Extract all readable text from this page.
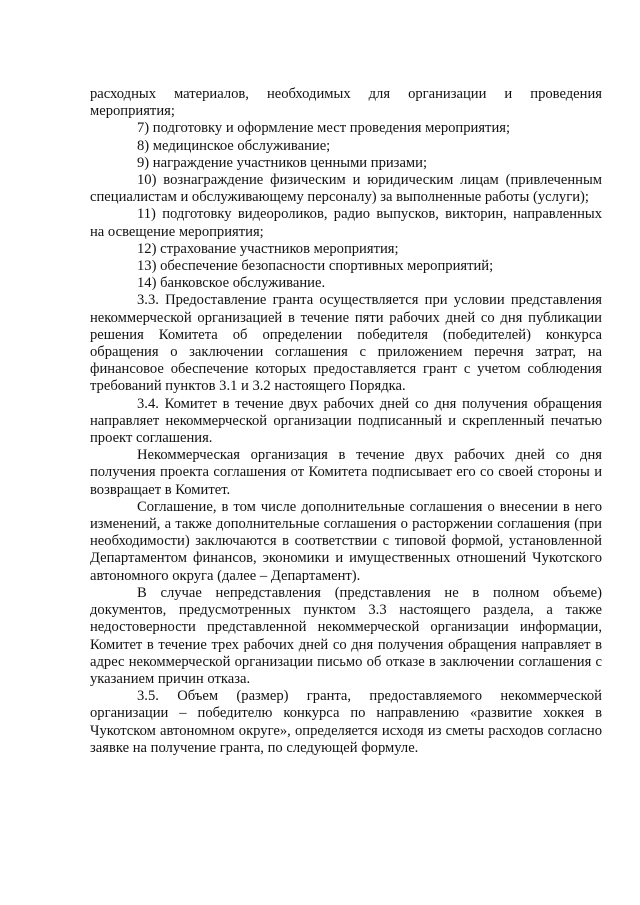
расходных материалов, необходимых для организации и проведения мероприятия;

7) подготовку и оформление мест проведения мероприятия;

8) медицинское обслуживание;

9) награждение участников ценными призами;

10) вознаграждение физическим и юридическим лицам (привлеченным специалистам и обслуживающему персоналу) за выполненные работы (услуги);

11) подготовку видеороликов, радио выпусков, викторин, направленных на освещение мероприятия;

12) страхование участников мероприятия;

13) обеспечение безопасности спортивных мероприятий;

14) банковское обслуживание.

3.3. Предоставление гранта осуществляется при условии представления некоммерческой организацией в течение пяти рабочих дней со дня публикации решения Комитета об определении победителя (победителей) конкурса обращения о заключении соглашения с приложением перечня затрат, на финансовое обеспечение которых предоставляется грант с учетом соблюдения требований пунктов 3.1 и 3.2 настоящего Порядка.

3.4. Комитет в течение двух рабочих дней со дня получения обращения направляет некоммерческой организации подписанный и скрепленный печатью проект соглашения.

Некоммерческая организация в течение двух рабочих дней со дня получения проекта соглашения от Комитета подписывает его со своей стороны и возвращает в Комитет.

Соглашение, в том числе дополнительные соглашения о внесении в него изменений, а также дополнительные соглашения о расторжении соглашения (при необходимости) заключаются в соответствии с типовой формой, установленной Департаментом финансов, экономики и имущественных отношений Чукотского автономного округа (далее – Департамент).

В случае непредставления (представления не в полном объеме) документов, предусмотренных пунктом 3.3 настоящего раздела, а также недостоверности представленной некоммерческой организации информации, Комитет в течение трех рабочих дней со дня получения обращения направляет в адрес некоммерческой организации письмо об отказе в заключении соглашения с указанием причин отказа.

3.5. Объем (размер) гранта, предоставляемого некоммерческой организации – победителю конкурса по направлению «развитие хоккея в Чукотском автономном округе», определяется исходя из сметы расходов согласно заявке на получение гранта, по следующей формуле.
